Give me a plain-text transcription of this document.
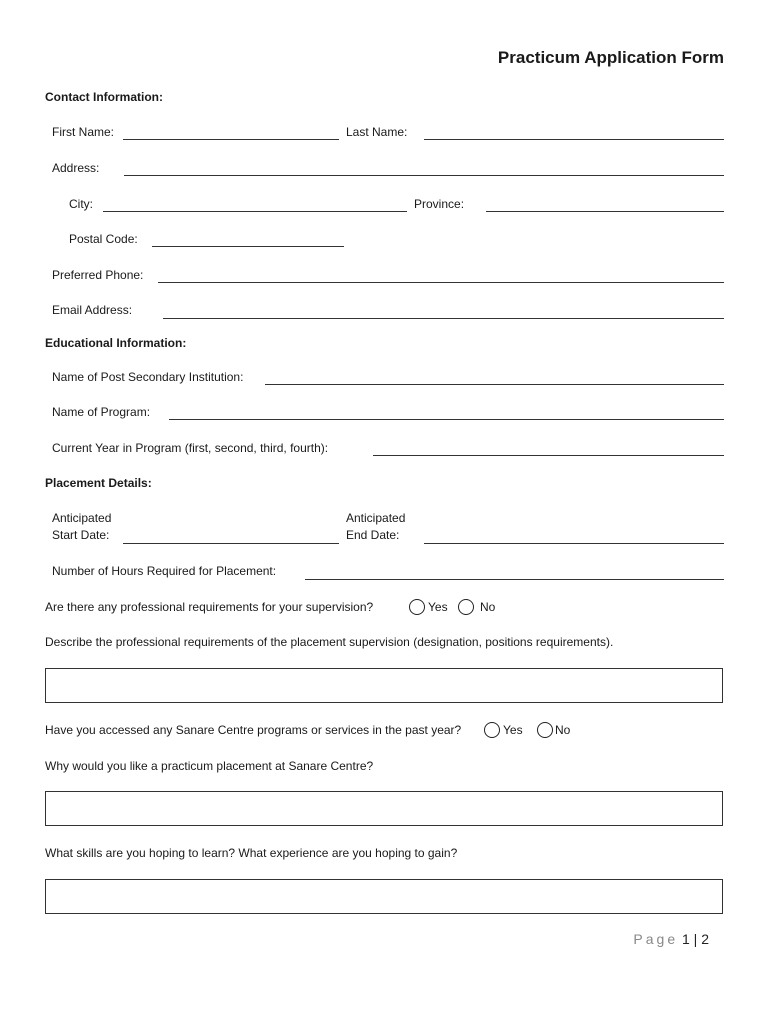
Practicum Application Form
Contact Information:
First Name:	Last Name:
Address:
City:	Province:
Postal Code:
Preferred Phone:
Email Address:
Educational Information:
Name of Post Secondary Institution:
Name of Program:
Current Year in Program (first, second, third, fourth):
Placement Details:
Anticipated
Start Date:
Anticipated
End Date:
Number of Hours Required for Placement:
Are there any professional requirements for your supervision?	Yes	No
Describe the professional requirements of the placement supervision (designation, positions requirements).
Have you accessed any Sanare Centre programs or services in the past year?	Yes	No
Why would you like a practicum placement at Sanare Centre?
What skills are you hoping to learn? What experience are you hoping to gain?
Page 1 | 2
